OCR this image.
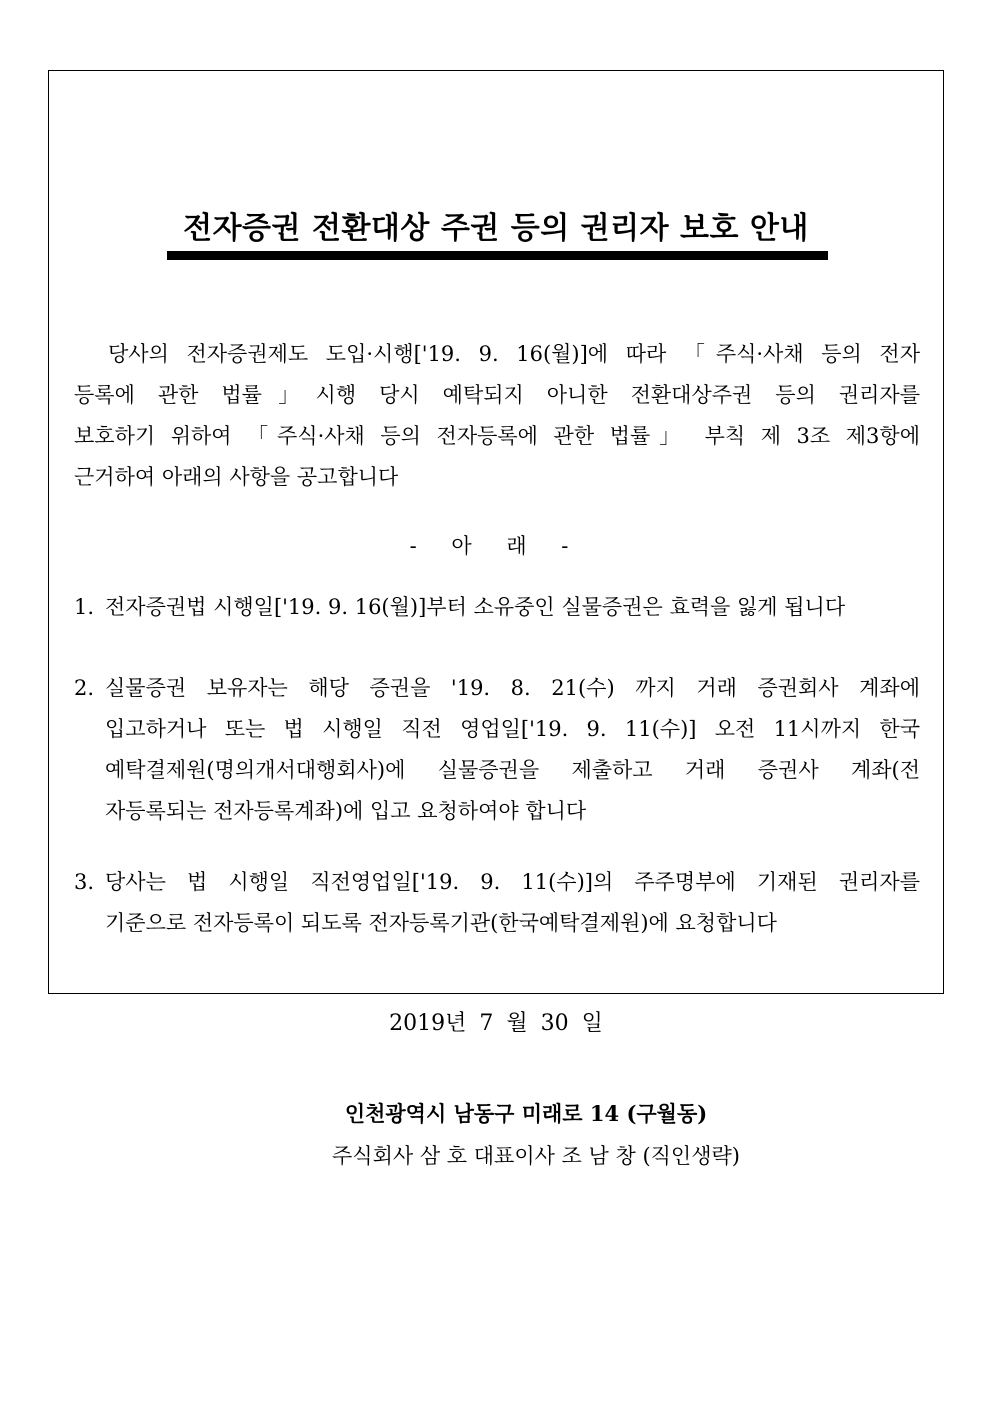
전자증권 전환대상 주권 등의 권리자 보호 안내
당사의 전자증권제도 도입·시행['19. 9. 16(월)]에 따라 「주식·사채 등의 전자
등록에 관한 법률」시행 당시 예탁되지 아니한 전환대상주권 등의 권리자를
보호하기 위하여 「주식·사채 등의 전자등록에 관한 법률」 부칙 제 3조 제3항에
근거하여 아래의 사항을 공고합니다
- 아 래 -
1. 전자증권법 시행일['19. 9. 16(월)]부터 소유중인 실물증권은 효력을 잃게 됩니다
2. 실물증권 보유자는 해당 증권을 '19. 8. 21(수) 까지 거래 증권회사 계좌에
입고하거나 또는 법 시행일 직전 영업일['19. 9. 11(수)] 오전 11시까지 한국
예탁결제원(명의개서대행회사)에 실물증권을 제출하고 거래 증권사 계좌(전
자등록되는 전자등록계좌)에 입고 요청하여야 합니다
3. 당사는 법 시행일 직전영업일['19. 9. 11(수)]의 주주명부에 기재된 권리자를
기준으로 전자등록이 되도록 전자등록기관(한국예탁결제원)에 요청합니다
2019년 7 월 30 일
인천광역시 남동구 미래로 14 (구월동)
주식회사 삼 호 대표이사 조 남 창 (직인생략)
